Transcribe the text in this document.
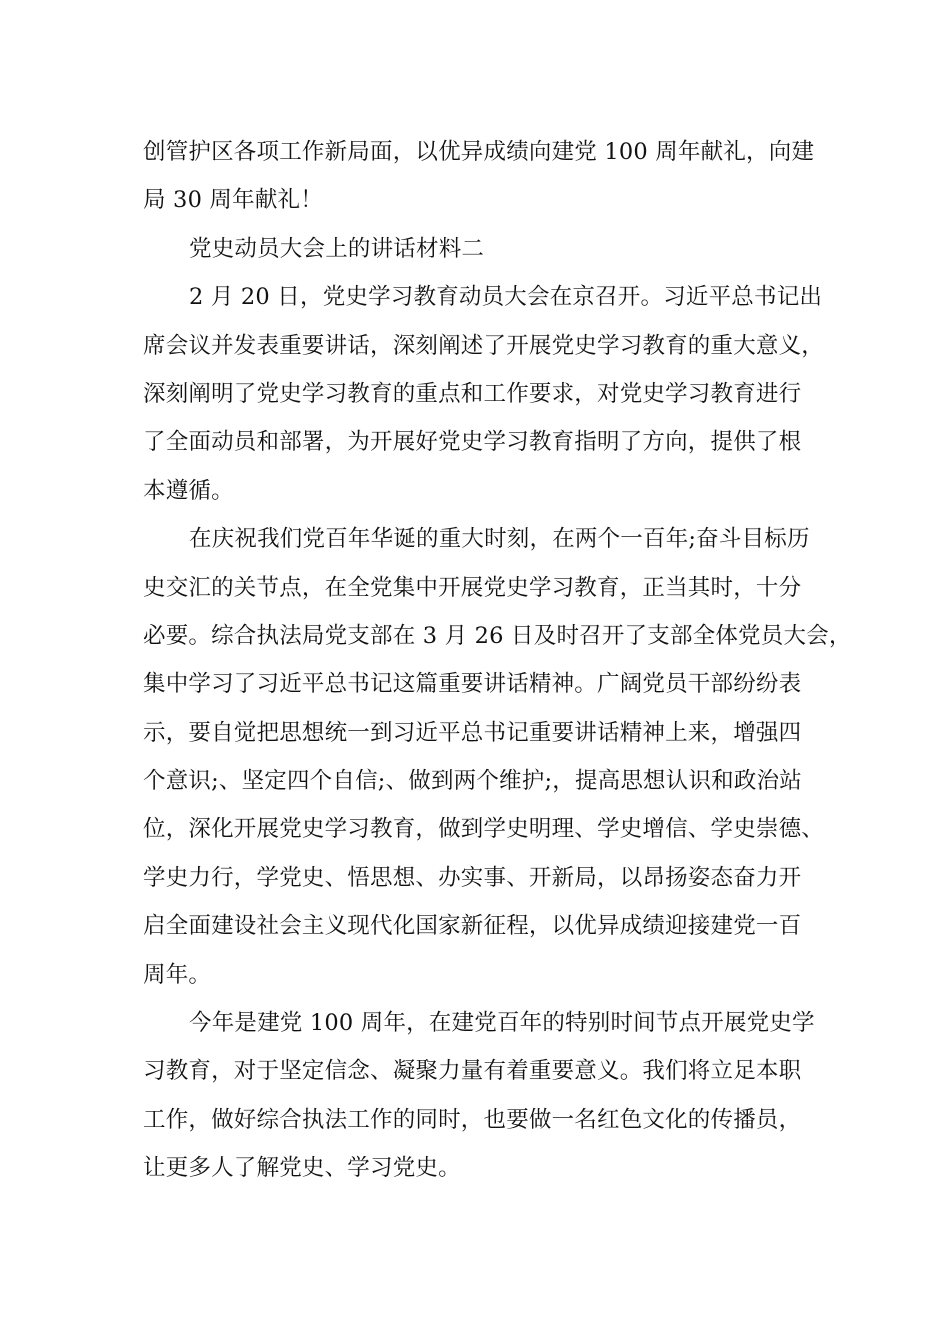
创管护区各项工作新局面，以优异成绩向建党 100 周年献礼，向建
局 30 周年献礼！
党史动员大会上的讲话材料二
2 月 20 日，党史学习教育动员大会在京召开。习近平总书记出
席会议并发表重要讲话，深刻阐述了开展党史学习教育的重大意义，
深刻阐明了党史学习教育的重点和工作要求，对党史学习教育进行
了全面动员和部署，为开展好党史学习教育指明了方向，提供了根
本遵循。
在庆祝我们党百年华诞的重大时刻，在两个一百年;奋斗目标历
史交汇的关节点，在全党集中开展党史学习教育，正当其时，十分
必要。综合执法局党支部在 3 月 26 日及时召开了支部全体党员大会，
集中学习了习近平总书记这篇重要讲话精神。广阔党员干部纷纷表
示，要自觉把思想统一到习近平总书记重要讲话精神上来，增强四
个意识;、坚定四个自信;、做到两个维护;，提高思想认识和政治站
位，深化开展党史学习教育，做到学史明理、学史增信、学史崇德、
学史力行，学党史、悟思想、办实事、开新局，以昂扬姿态奋力开
启全面建设社会主义现代化国家新征程，以优异成绩迎接建党一百
周年。
今年是建党 100 周年，在建党百年的特别时间节点开展党史学
习教育，对于坚定信念、凝聚力量有着重要意义。我们将立足本职
工作，做好综合执法工作的同时，也要做一名红色文化的传播员，
让更多人了解党史、学习党史。
